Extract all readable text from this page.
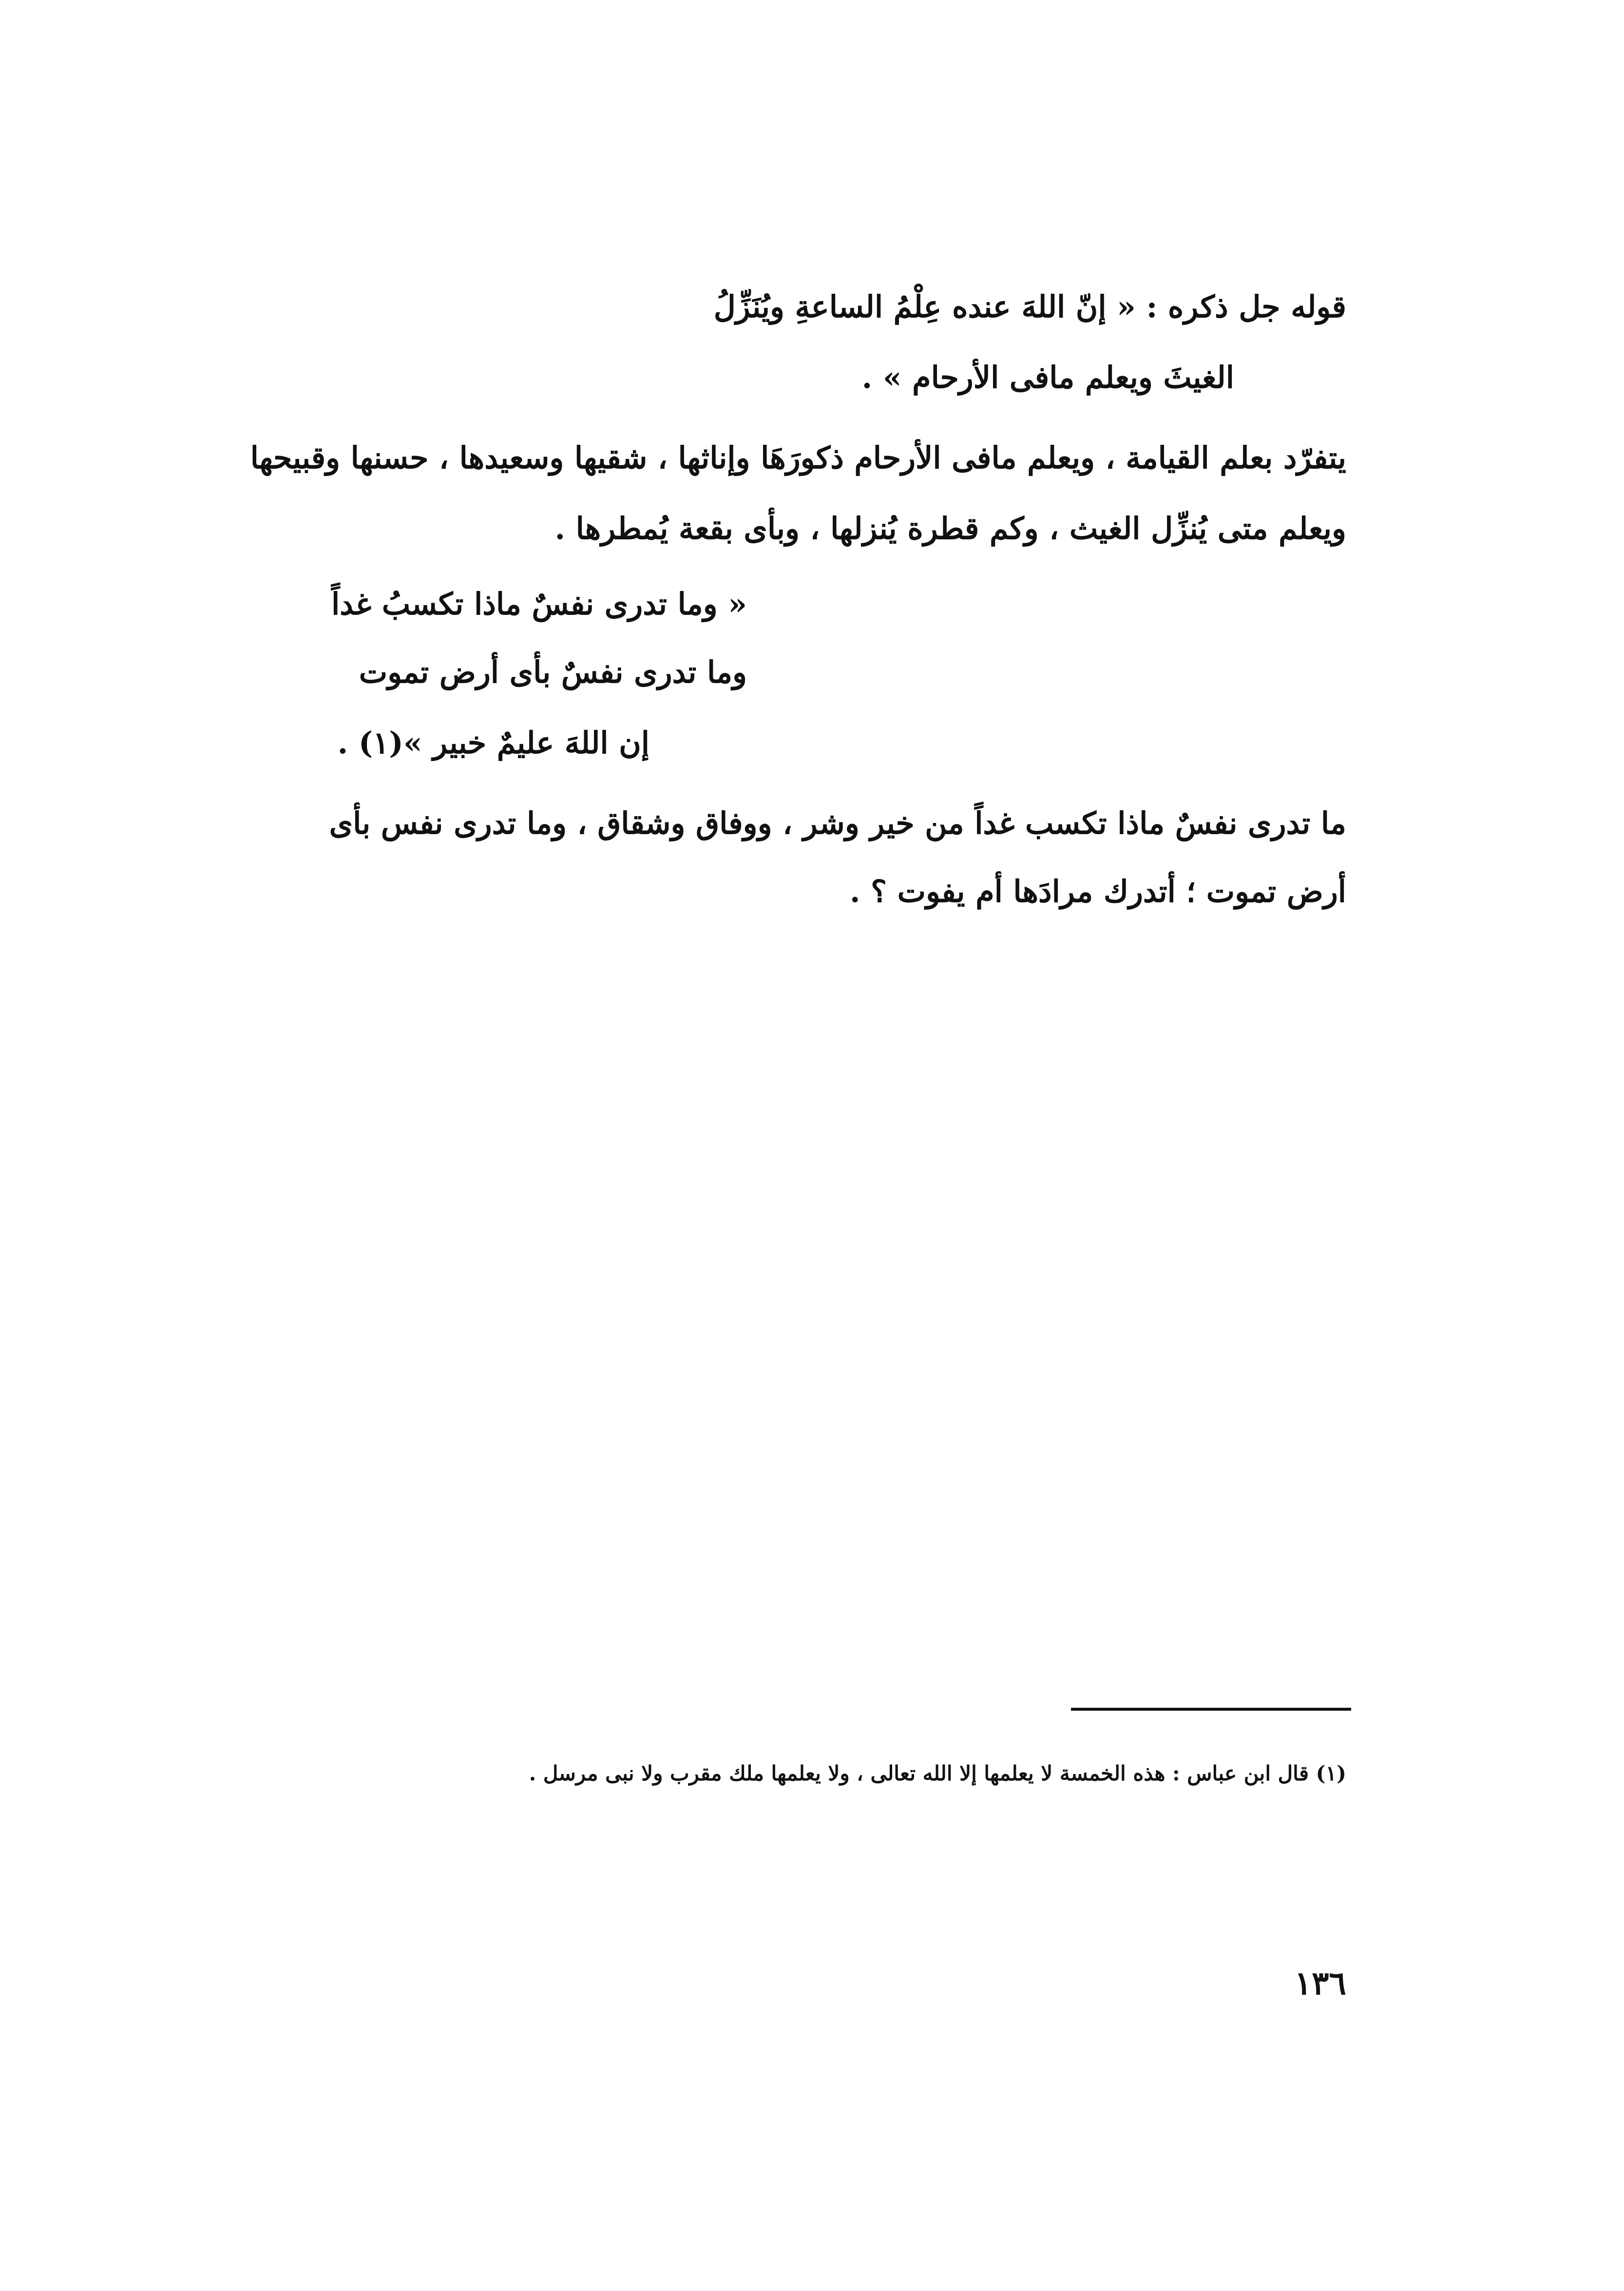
قوله جل ذكره : « إنّ اللهَ عنده عِلْمُ الساعةِ ويُنَزِّلُ
الغيثَ ويعلم مافى الأرحام » .
يتفرّد بعلم القيامة ، ويعلم مافى الأرحام ذكورَهَا وإناثها ، شقيها وسعيدها ، حسنها وقبيحها
ويعلم متى يُنزِّل الغيث ، وكم قطرة يُنزلها ، وبأى بقعة يُمطرها .
« وما تدرى نفسٌ ماذا تكسبُ غداً
وما تدرى نفسٌ بأى أرض تموت
إن اللهَ عليمٌ خبير »(١) .
ما تدرى نفسٌ ماذا تكسب غداً من خير وشر ، ووفاق وشقاق ، وما تدرى نفس بأى
أرض تموت ؛ أتدرك مرادَها أم يفوت ؟ .
(١) قال ابن عباس : هذه الخمسة لا يعلمها إلا الله تعالى ، ولا يعلمها ملك مقرب ولا نبى مرسل .
١٣٦
